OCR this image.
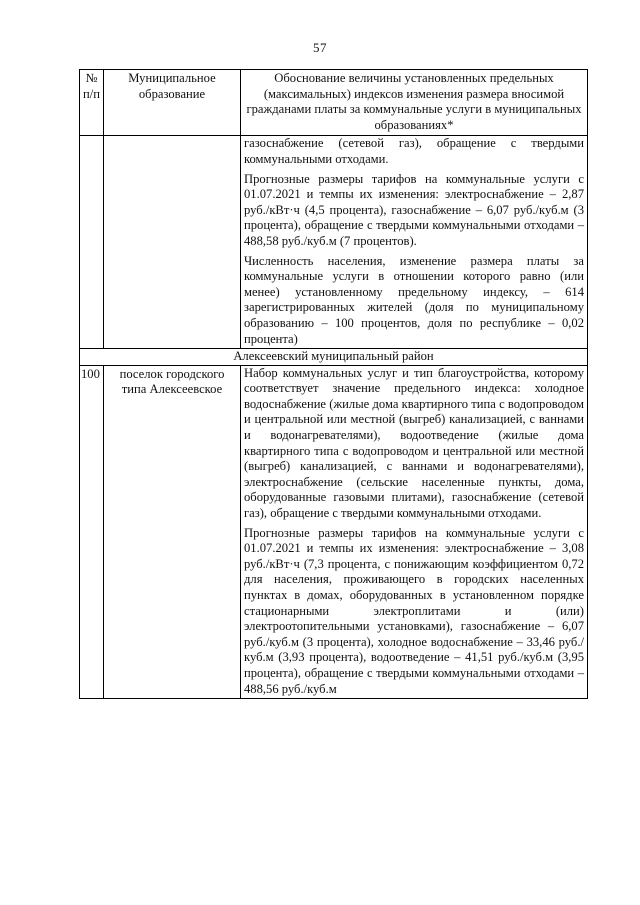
57
№ п/п	Муниципальное образование	Обоснование величины установленных предельных (максимальных) индексов изменения размера вносимой гражданами платы за коммунальные услуги в муниципальных образованиях*

		газоснабжение (сетевой газ), обращение с твердыми коммунальными отходами.

Прогнозные размеры тарифов на коммунальные услуги с 01.07.2021 и темпы их изменения: электроснабжение – 2,87 руб./кВт·ч (4,5 процента), газоснабжение – 6,07 руб./куб.м (3 процента), обращение с твердыми коммунальными отходами – 488,58 руб./куб.м (7 процентов).

Численность населения, изменение размера платы за коммунальные услуги в отношении которого равно (или менее) установленному предельному индексу, – 614 зарегистрированных жителей (доля по муниципальному образованию – 100 процентов, доля по республике – 0,02 процента)

Алексеевский муниципальный район		
100	поселок городского типа Алексеевское	Набор коммунальных услуг и тип благоустройства, которому соответствует значение предельного индекса: холодное водоснабжение (жилые дома квартирного типа с водопроводом и центральной или местной (выгреб) канализацией, с ваннами и водонагревателями), водоотведение (жилые дома квартирного типа с водопроводом и центральной или местной (выгреб) канализацией, с ваннами и водонагревателями), электроснабжение (сельские населенные пункты, дома, оборудованные газовыми плитами), газоснабжение (сетевой газ), обращение с твердыми коммунальными отходами.

Прогнозные размеры тарифов на коммунальные услуги с 01.07.2021 и темпы их изменения: электроснабжение – 3,08 руб./кВт·ч (7,3 процента, с понижающим коэффициентом 0,72 для населения, проживающего в городских населенных пунктах в домах, оборудованных в установленном порядке стационарными электроплитами и (или) электроотопительными установками), газоснабжение – 6,07 руб./куб.м (3 процента), холодное водоснабжение – 33,46 руб./куб.м (3,93 процента), водоотведение – 41,51 руб./куб.м (3,95 процента), обращение с твердыми коммунальными отходами – 488,56 руб./куб.м
